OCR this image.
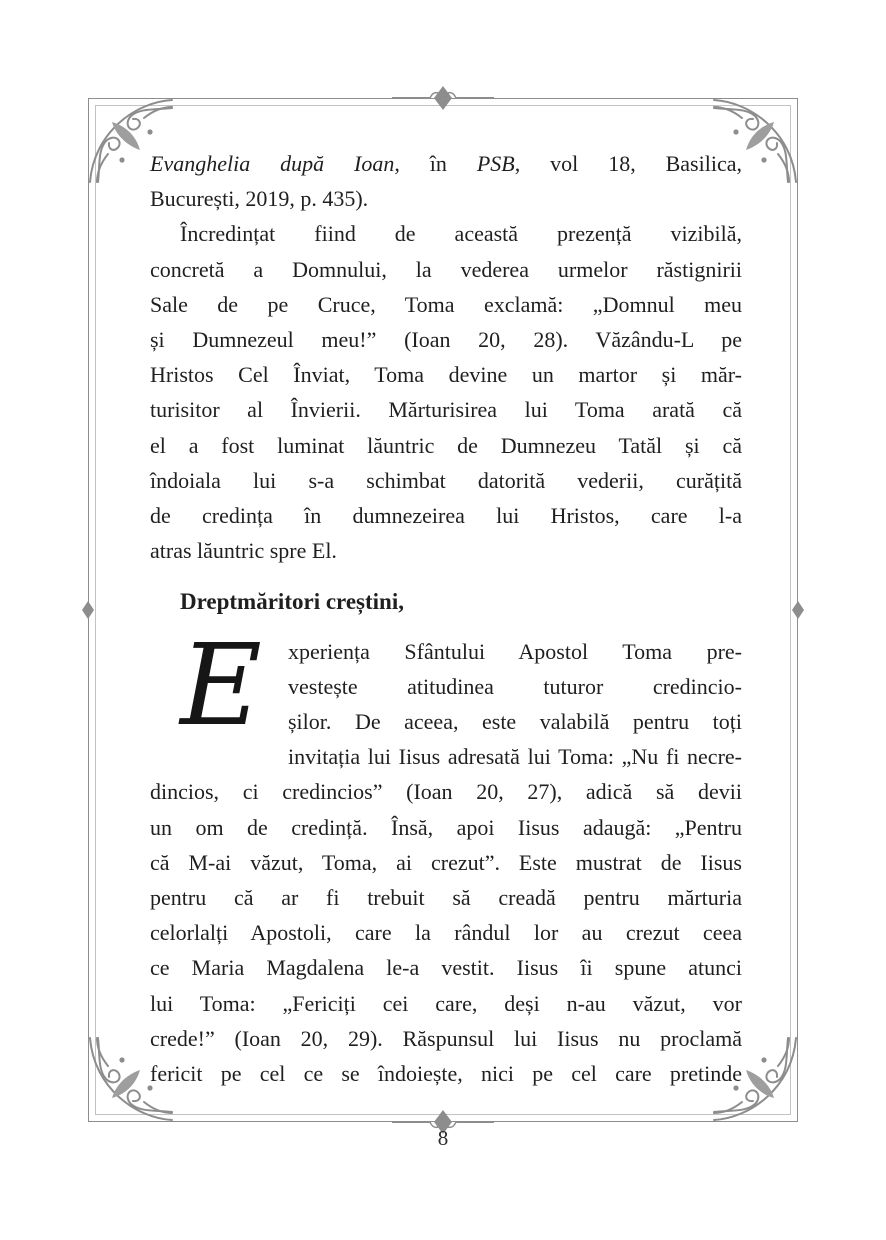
Evanghelia după Ioan, în PSB, vol 18, Basilica,
București, 2019, p. 435).
Încredințat fiind de această prezență vizibilă,
concretă a Domnului, la vederea urmelor răstignirii
Sale de pe Cruce, Toma exclamă: „Domnul meu
și Dumnezeul meu!” (Ioan 20, 28). Văzându-L pe
Hristos Cel Înviat, Toma devine un martor și măr-
turisitor al Învierii. Mărturisirea lui Toma arată că
el a fost luminat lăuntric de Dumnezeu Tatăl și că
îndoiala lui s-a schimbat datorită vederii, curățită
de credința în dumnezeirea lui Hristos, care l-a
atras lăuntric spre El.
Dreptmăritori creștini,
E	xperiența Sfântului Apostol Toma pre-
vestește atitudinea tuturor credincio-
șilor. De aceea, este valabilă pentru toți
invitația lui Iisus adresată lui Toma: „Nu fi necre-
dincios, ci credincios” (Ioan 20, 27), adică să devii
un om de credință. Însă, apoi Iisus adaugă: „Pentru
că M-ai văzut, Toma, ai crezut”. Este mustrat de Iisus
pentru că ar fi trebuit să creadă pentru mărturia
celorlalți Apostoli, care la rândul lor au crezut ceea
ce Maria Magdalena le-a vestit. Iisus îi spune atunci
lui Toma: „Fericiți cei care, deși n-au văzut, vor
crede!” (Ioan 20, 29). Răspunsul lui Iisus nu proclamă
fericit pe cel ce se îndoiește, nici pe cel care pretinde
8
